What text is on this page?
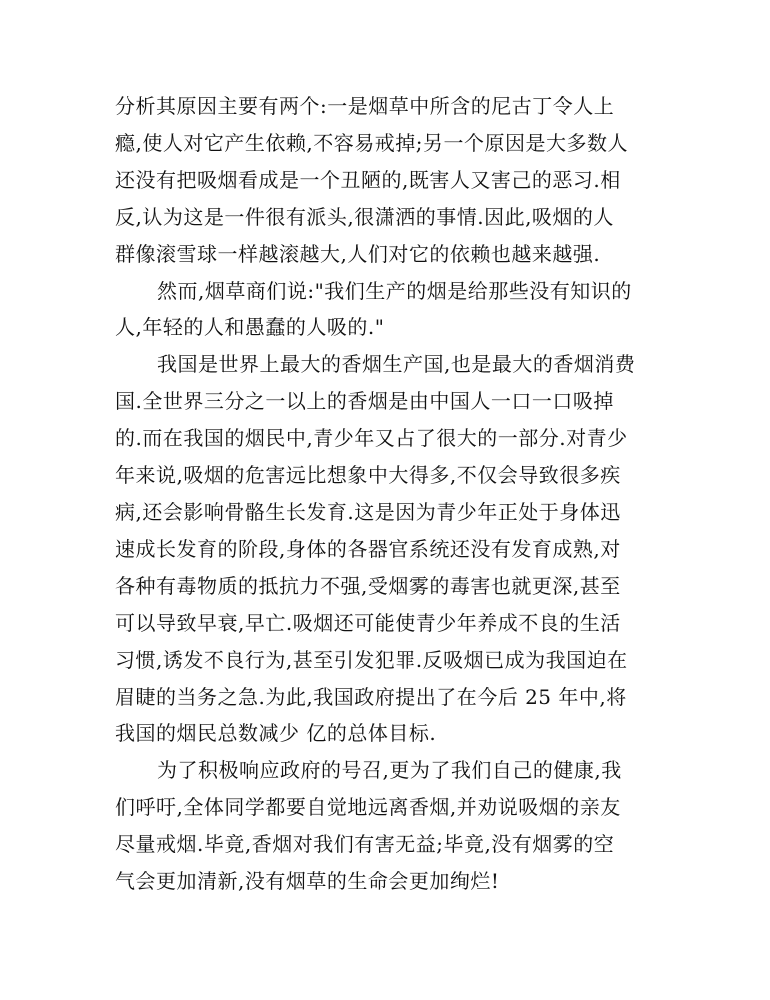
分析其原因主要有两个:一是烟草中所含的尼古丁令人上
瘾,使人对它产生依赖,不容易戒掉;另一个原因是大多数人
还没有把吸烟看成是一个丑陋的,既害人又害己的恶习.相
反,认为这是一件很有派头,很潇洒的事情.因此,吸烟的人
群像滚雪球一样越滚越大,人们对它的依赖也越来越强.

然而,烟草商们说:"我们生产的烟是给那些没有知识的
人,年轻的人和愚蠢的人吸的."

我国是世界上最大的香烟生产国,也是最大的香烟消费
国.全世界三分之一以上的香烟是由中国人一口一口吸掉
的.而在我国的烟民中,青少年又占了很大的一部分.对青少
年来说,吸烟的危害远比想象中大得多,不仅会导致很多疾
病,还会影响骨骼生长发育.这是因为青少年正处于身体迅
速成长发育的阶段,身体的各器官系统还没有发育成熟,对
各种有毒物质的抵抗力不强,受烟雾的毒害也就更深,甚至
可以导致早衰,早亡.吸烟还可能使青少年养成不良的生活
习惯,诱发不良行为,甚至引发犯罪.反吸烟已成为我国迫在
眉睫的当务之急.为此,我国政府提出了在今后 25 年中,将
我国的烟民总数减少 亿的总体目标.

为了积极响应政府的号召,更为了我们自己的健康,我
们呼吁,全体同学都要自觉地远离香烟,并劝说吸烟的亲友
尽量戒烟.毕竟,香烟对我们有害无益;毕竟,没有烟雾的空
气会更加清新,没有烟草的生命会更加绚烂!
